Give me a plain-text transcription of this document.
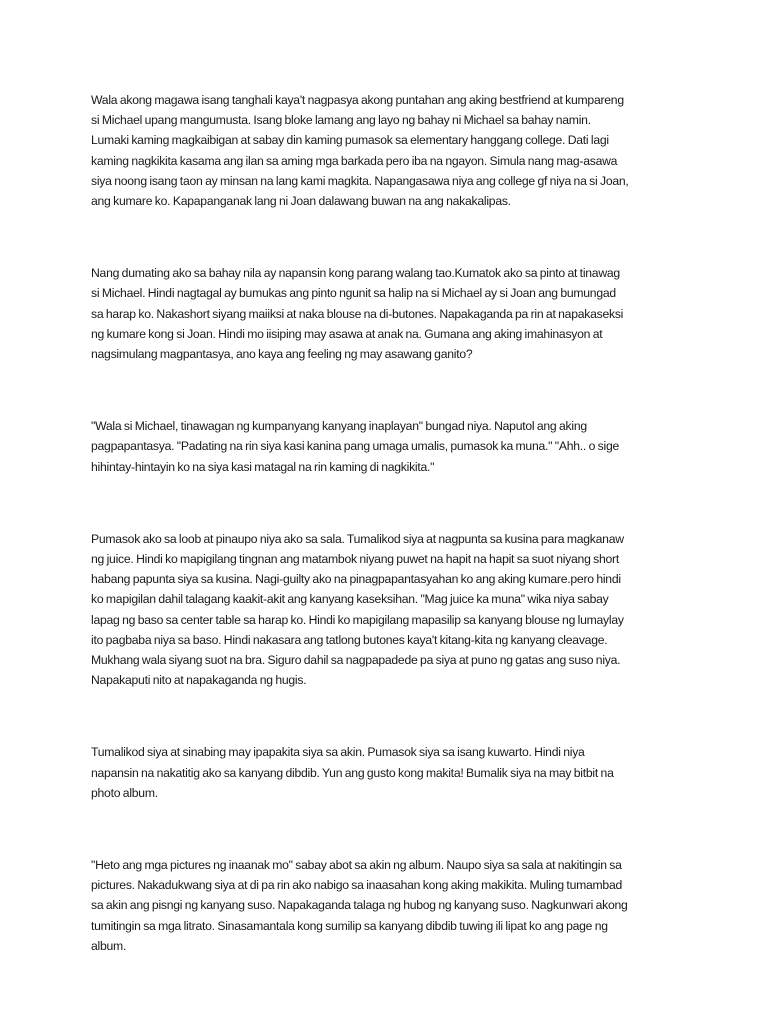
Wala akong magawa isang tanghali kaya't nagpasya akong puntahan ang aking bestfriend at kumpareng
si Michael upang mangumusta. Isang bloke lamang ang layo ng bahay ni Michael sa bahay namin.
Lumaki kaming magkaibigan at sabay din kaming pumasok sa elementary hanggang college. Dati lagi
kaming nagkikita kasama ang ilan sa aming mga barkada pero iba na ngayon. Simula nang mag-asawa
siya noong isang taon ay minsan na lang kami magkita. Napangasawa niya ang college gf niya na si Joan,
ang kumare ko. Kapapanganak lang ni Joan dalawang buwan na ang nakakalipas.

Nang dumating ako sa bahay nila ay napansin kong parang walang tao.Kumatok ako sa pinto at tinawag
si Michael. Hindi nagtagal ay bumukas ang pinto ngunit sa halip na si Michael ay si Joan ang bumungad
sa harap ko. Nakashort siyang maiiksi at naka blouse na di-butones. Napakaganda pa rin at napakaseksi
ng kumare kong si Joan. Hindi mo iisiping may asawa at anak na. Gumana ang aking imahinasyon at
nagsimulang magpantasya, ano kaya ang feeling ng may asawang ganito?

"Wala si Michael, tinawagan ng kumpanyang kanyang inaplayan" bungad niya. Naputol ang aking
pagpapantasya. "Padating na rin siya kasi kanina pang umaga umalis, pumasok ka muna." "Ahh.. o sige
hihintay-hintayin ko na siya kasi matagal na rin kaming di nagkikita."

Pumasok ako sa loob at pinaupo niya ako sa sala. Tumalikod siya at nagpunta sa kusina para magkanaw
ng juice. Hindi ko mapigilang tingnan ang matambok niyang puwet na hapit na hapit sa suot niyang short
habang papunta siya sa kusina. Nagi-guilty ako na pinagpapantasyahan ko ang aking kumare.pero hindi
ko mapigilan dahil talagang kaakit-akit ang kanyang kaseksihan. "Mag juice ka muna" wika niya sabay
lapag ng baso sa center table sa harap ko. Hindi ko mapigilang mapasilip sa kanyang blouse ng lumaylay
ito pagbaba niya sa baso. Hindi nakasara ang tatlong butones kaya't kitang-kita ng kanyang cleavage.
Mukhang wala siyang suot na bra. Siguro dahil sa nagpapadede pa siya at puno ng gatas ang suso niya.
Napakaputi nito at napakaganda ng hugis.

Tumalikod siya at sinabing may ipapakita siya sa akin. Pumasok siya sa isang kuwarto. Hindi niya
napansin na nakatitig ako sa kanyang dibdib. Yun ang gusto kong makita! Bumalik siya na may bitbit na
photo album.

"Heto ang mga pictures ng inaanak mo" sabay abot sa akin ng album. Naupo siya sa sala at nakitingin sa
pictures. Nakadukwang siya at di pa rin ako nabigo sa inaasahan kong aking makikita. Muling tumambad
sa akin ang pisngi ng kanyang suso. Napakaganda talaga ng hubog ng kanyang suso. Nagkunwari akong
tumitingin sa mga litrato. Sinasamantala kong sumilip sa kanyang dibdib tuwing ili lipat ko ang page ng
album.
